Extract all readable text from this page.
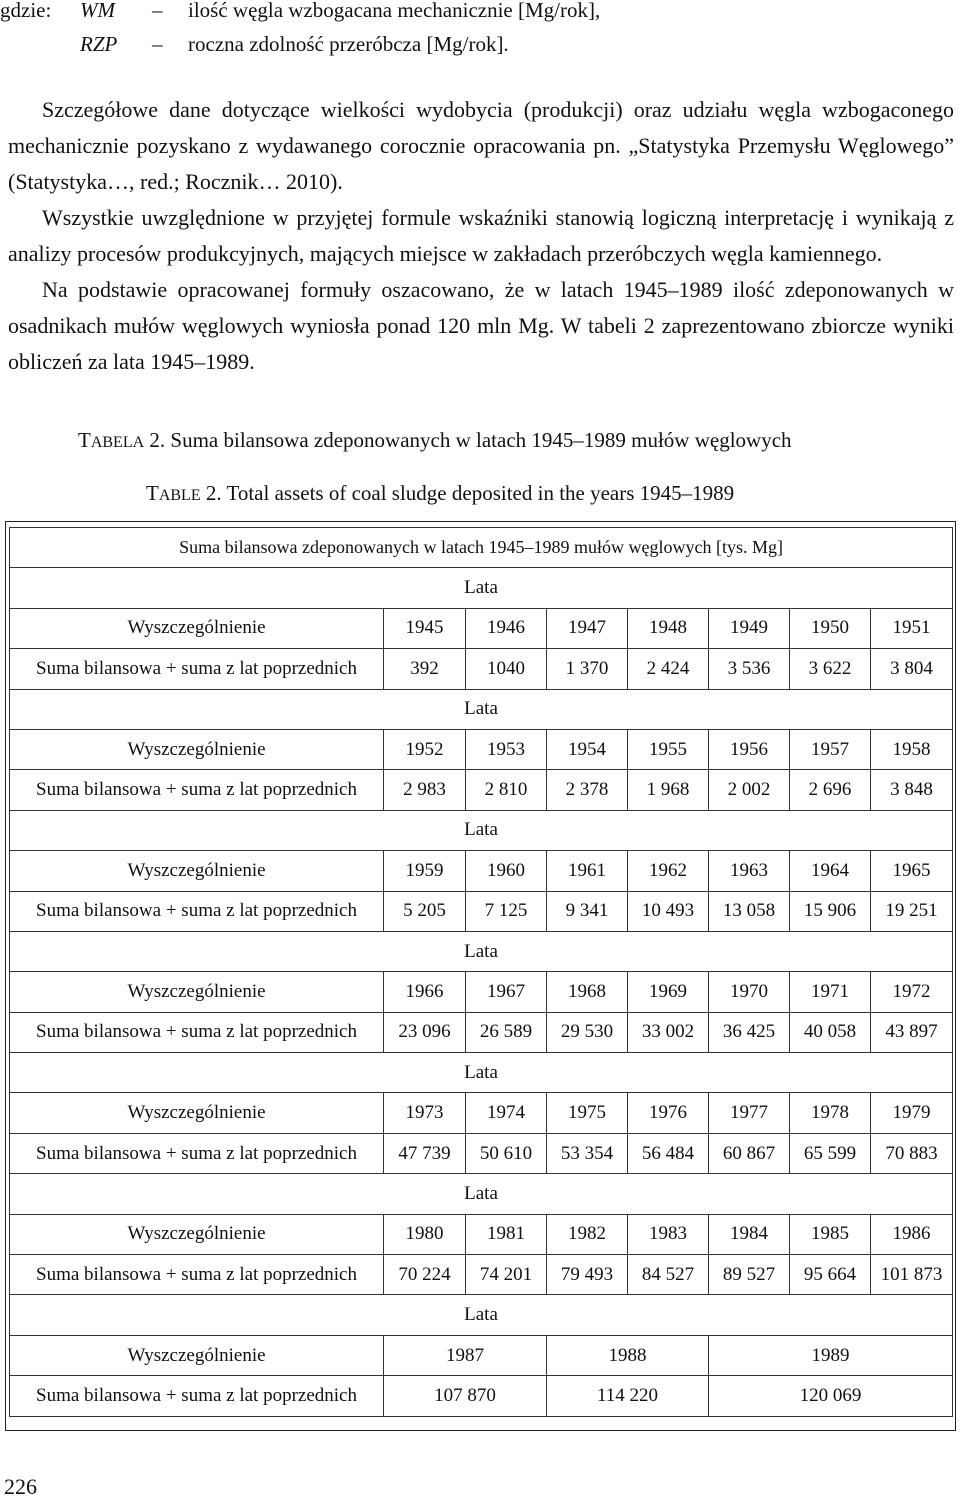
gdzie: WM – ilość węgla wzbogacana mechanicznie [Mg/rok],
RZP – roczna zdolność przeróbcza [Mg/rok].

Szczegółowe dane dotyczące wielkości wydobycia (produkcji) oraz udziału węgla wzbogaconego mechanicznie pozyskano z wydawanego corocznie opracowania pn. „Statystyka Przemysłu Węglowego” (Statystyka…, red.; Rocznik… 2010).

Wszystkie uwzględnione w przyjętej formule wskaźniki stanowią logiczną interpretację i wynikają z analizy procesów produkcyjnych, mających miejsce w zakładach przeróbczych węgla kamiennego.

Na podstawie opracowanej formuły oszacowano, że w latach 1945–1989 ilość zdeponowanych w osadnikach mułów węglowych wyniosła ponad 120 mln Mg. W tabeli 2 zaprezentowano zbiorcze wyniki obliczeń za lata 1945–1989.

TABELA 2. Suma bilansowa zdeponowanych w latach 1945–1989 mułów węglowych
TABLE 2. Total assets of coal sludge deposited in the years 1945–1989
Suma bilansowa zdeponowanych w latach 1945–1989 mułów węglowych [tys. Mg]							
Lata							
Wyszczególnienie	1945	1946	1947	1948	1949	1950	1951
Suma bilansowa + suma z lat poprzednich	392	1040	1 370	2 424	3 536	3 622	3 804
Lata							
Wyszczególnienie	1952	1953	1954	1955	1956	1957	1958
Suma bilansowa + suma z lat poprzednich	2 983	2 810	2 378	1 968	2 002	2 696	3 848
Lata							
Wyszczególnienie	1959	1960	1961	1962	1963	1964	1965
Suma bilansowa + suma z lat poprzednich	5 205	7 125	9 341	10 493	13 058	15 906	19 251
Lata							
Wyszczególnienie	1966	1967	1968	1969	1970	1971	1972
Suma bilansowa + suma z lat poprzednich	23 096	26 589	29 530	33 002	36 425	40 058	43 897
Lata							
Wyszczególnienie	1973	1974	1975	1976	1977	1978	1979
Suma bilansowa + suma z lat poprzednich	47 739	50 610	53 354	56 484	60 867	65 599	70 883
Lata							
Wyszczególnienie	1980	1981	1982	1983	1984	1985	1986
Suma bilansowa + suma z lat poprzednich	70 224	74 201	79 493	84 527	89 527	95 664	101 873
Lata							
Wyszczególnienie	1987		1988		1989		
Suma bilansowa + suma z lat poprzednich	107 870		114 220		120 069		
226
